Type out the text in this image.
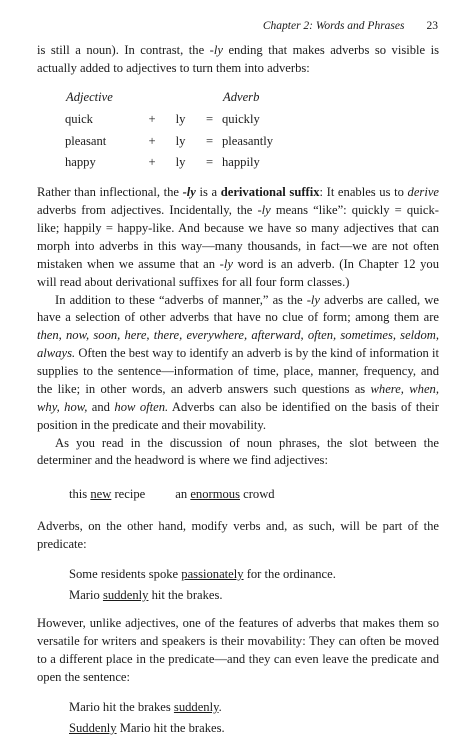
Chapter 2: Words and Phrases 23

is still a noun). In contrast, the -ly ending that makes adverbs so visible is actually added to adjectives to turn them into adverbs:

Adjective				Adverb
quick	+	ly	=	quickly
pleasant	+	ly	=	pleasantly
happy	+	ly	=	happily

Rather than inflectional, the -ly is a derivational suffix: It enables us to derive adverbs from adjectives. Incidentally, the -ly means “like”: quickly = quick-like; happily = happy-like. And because we have so many adjectives that can morph into adverbs in this way—many thousands, in fact—we are not often mistaken when we assume that an -ly word is an adverb. (In Chapter 12 you will read about derivational suffixes for all four form classes.)

In addition to these “adverbs of manner,” as the -ly adverbs are called, we have a selection of other adverbs that have no clue of form; among them are then, now, soon, here, there, everywhere, afterward, often, sometimes, seldom, always. Often the best way to identify an adverb is by the kind of information it supplies to the sentence—information of time, place, manner, frequency, and the like; in other words, an adverb answers such questions as where, when, why, how, and how often. Adverbs can also be identified on the basis of their position in the predicate and their movability.

As you read in the discussion of noun phrases, the slot between the determiner and the headword is where we find adjectives:

this new recipe an enormous crowd

Adverbs, on the other hand, modify verbs and, as such, will be part of the predicate:

Some residents spoke passionately for the ordinance.
Mario suddenly hit the brakes.

However, unlike adjectives, one of the features of adverbs that makes them so versatile for writers and speakers is their movability: They can often be moved to a different place in the predicate—and they can even leave the predicate and open the sentence:

Mario hit the brakes suddenly.
Suddenly Mario hit the brakes.
